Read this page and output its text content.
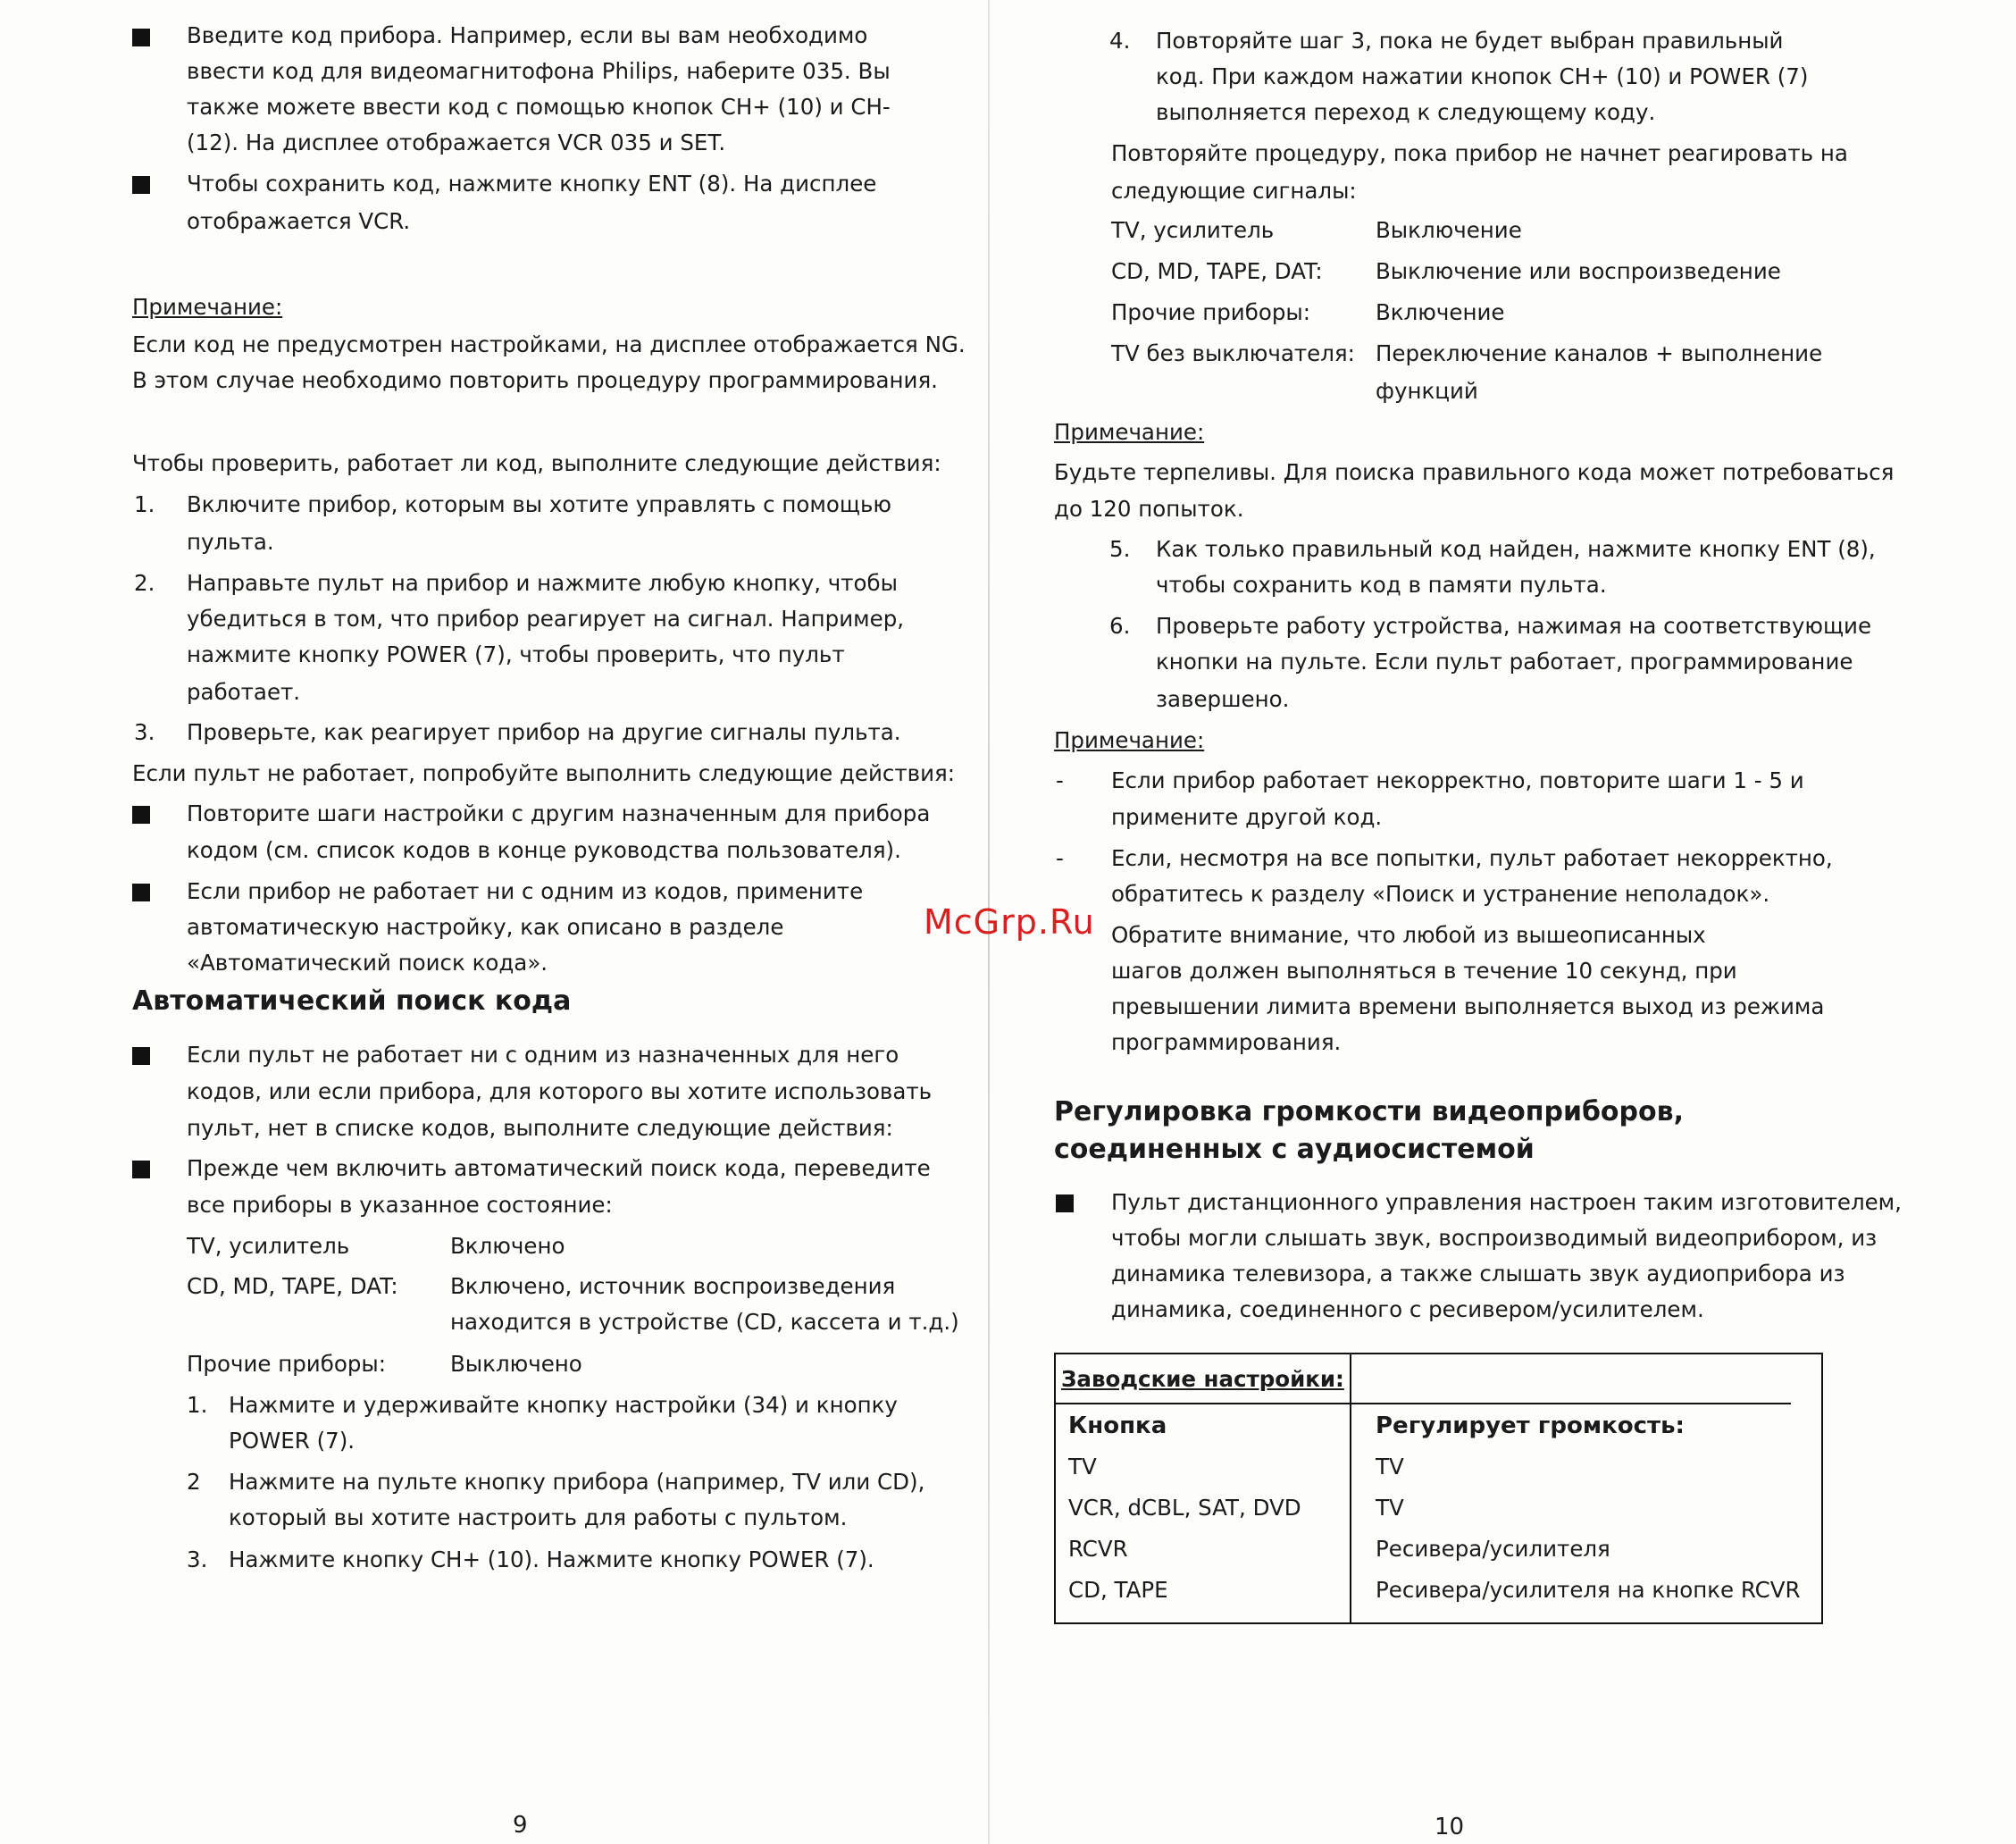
Введите код прибора. Например, если вы вам необходимо
ввести код для видеомагнитофона Philips, наберите 035. Вы
также можете ввести код с помощью кнопок CH+ (10) и CH-
(12). На дисплее отображается VCR 035 и SET.
Чтобы сохранить код, нажмите кнопку ENT (8). На дисплее
отображается VCR.
Примечание:
Если код не предусмотрен настройками, на дисплее отображается NG.
В этом случае необходимо повторить процедуру программирования.
Чтобы проверить, работает ли код, выполните следующие действия:
1. Включите прибор, которым вы хотите управлять с помощью
пульта.
2. Направьте пульт на прибор и нажмите любую кнопку, чтобы
убедиться в том, что прибор реагирует на сигнал. Например,
нажмите кнопку POWER (7), чтобы проверить, что пульт
работает.
3. Проверьте, как реагирует прибор на другие сигналы пульта.
Если пульт не работает, попробуйте выполнить следующие действия:
Повторите шаги настройки с другим назначенным для прибора
кодом (см. список кодов в конце руководства пользователя).
Если прибор не работает ни с одним из кодов, примените
автоматическую настройку, как описано в разделе
«Автоматический поиск кода».
Автоматический поиск кода
Если пульт не работает ни с одним из назначенных для него
кодов, или если прибора, для которого вы хотите использовать
пульт, нет в списке кодов, выполните следующие действия:
Прежде чем включить автоматический поиск кода, переведите
все приборы в указанное состояние:
TV, усилитель	Включено
CD, MD, TAPE, DAT: Включено, источник воспроизведения
находится в устройстве (CD, кассета и т.д.)
Прочие приборы:	Выключено
1. Нажмите и удерживайте кнопку настройки (34) и кнопку
POWER (7).
2 Нажмите на пульте кнопку прибора (например, TV или CD),
который вы хотите настроить для работы с пультом.
3. Нажмите кнопку CH+ (10). Нажмите кнопку POWER (7).
9
4. Повторяйте шаг 3, пока не будет выбран правильный
код. При каждом нажатии кнопок CH+ (10) и POWER (7)
выполняется переход к следующему коду.
Повторяйте процедуру, пока прибор не начнет реагировать на
следующие сигналы:
TV, усилитель	Выключение
CD, MD, TAPE, DAT: Выключение или воспроизведение
Прочие приборы:	Включение
TV без выключателя: Переключение каналов + выполнение
функций
Примечание:
Будьте терпеливы. Для поиска правильного кода может потребоваться
до 120 попыток.
5. Как только правильный код найден, нажмите кнопку ENT (8),
чтобы сохранить код в памяти пульта.
6. Проверьте работу устройства, нажимая на соответствующие
кнопки на пульте. Если пульт работает, программирование
завершено.
Примечание:
- Если прибор работает некорректно, повторите шаги 1 - 5 и
примените другой код.
- Если, несмотря на все попытки, пульт работает некорректно,
обратитесь к разделу «Поиск и устранение неполадок».
Обратите внимание, что любой из вышеописанных
шагов должен выполняться в течение 10 секунд, при
превышении лимита времени выполняется выход из режима
программирования.
Регулировка громкости видеоприборов,
соединенных с аудиосистемой
Пульт дистанционного управления настроен таким изготовителем,
чтобы могли слышать звук, воспроизводимый видеоприбором, из
динамика телевизора, а также слышать звук аудиоприбора из
динамика, соединенного с ресивером/усилителем.
Заводские настройки:
Кнопка	Регулирует громкость:
TV	TV
VCR, dCBL, SAT, DVD	TV
RCVR	Ресивера/усилителя
CD, TAPE	Ресивера/усилителя на кнопке RCVR
10
McGrp.Ru
